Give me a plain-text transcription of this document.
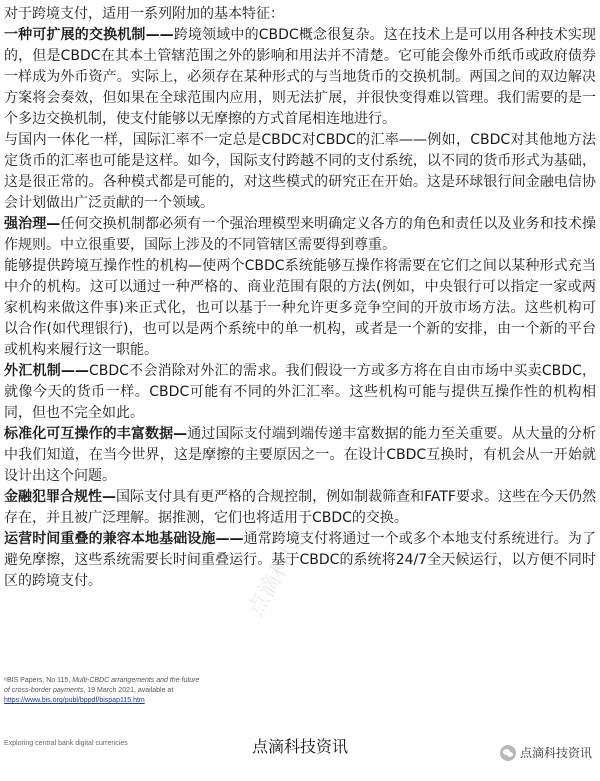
对于跨境支付，适用一系列附加的基本特征：

一种可扩展的交换机制——跨境领域中的CBDC概念很复杂。这在技术上是可以用各种技术实现的，但是CBDC在其本土管辖范围之外的影响和用法并不清楚。它可能会像外币纸币或政府债券一样成为外币资产。实际上，必须存在某种形式的与当地货币的交换机制。两国之间的双边解决方案将会奏效，但如果在全球范围内应用，则无法扩展，并很快变得难以管理。我们需要的是一个多边交换机制，使支付能够以无摩擦的方式首尾相连地进行。

与国内一体化一样，国际汇率不一定总是CBDC对CBDC的汇率——例如，CBDC对其他地方法定货币的汇率也可能是这样。如今，国际支付跨越不同的支付系统，以不同的货币形式为基础，这是很正常的。各种模式都是可能的，对这些模式的研究正在开始。这是环球银行间金融电信协会计划做出广泛贡献的一个领域。

强治理—任何交换机制都必须有一个强治理模型来明确定义各方的角色和责任以及业务和技术操作规则。中立很重要，国际上涉及的不同管辖区需要得到尊重。

能够提供跨境互操作性的机构—使两个CBDC系统能够互操作将需要在它们之间以某种形式充当中介的机构。这可以通过一种严格的、商业范围有限的方法(例如，中央银行可以指定一家或两家机构来做这件事)来正式化，也可以基于一种允许更多竞争空间的开放市场方法。这些机构可以合作(如代理银行)，也可以是两个系统中的单一机构，或者是一个新的安排，由一个新的平台或机构来履行这一职能。

外汇机制——CBDC不会消除对外汇的需求。我们假设一方或多方将在自由市场中买卖CBDC，就像今天的货币一样。CBDC可能有不同的外汇汇率。这些机构可能与提供互操作性的机构相同，但也不完全如此。

标准化可互操作的丰富数据—通过国际支付端到端传递丰富数据的能力至关重要。从大量的分析中我们知道，在当今世界，这是摩擦的主要原因之一。在设计CBDC互换时，有机会从一开始就设计出这个问题。

金融犯罪合规性—国际支付具有更严格的合规控制，例如制裁筛查和FATF要求。这些在今天仍然存在，并且被广泛理解。据推测，它们也将适用于CBDC的交换。

运营时间重叠的兼容本地基础设施——通常跨境支付将通过一个或多个本地支付系统进行。为了避免摩擦，这些系统需要长时间重叠运行。基于CBDC的系统将24/7全天候运行，以方便不同时区的跨境支付。

⁸BIS Papers, No 115, Multi-CBDC arrangements and the future of cross-border payments, 19 March 2021, available at https://www.bis.org/publ/bppdf/bispap115.htm
Exploring central bank digital currencies	点滴科技资讯	点滴科技资讯
点滴科技
